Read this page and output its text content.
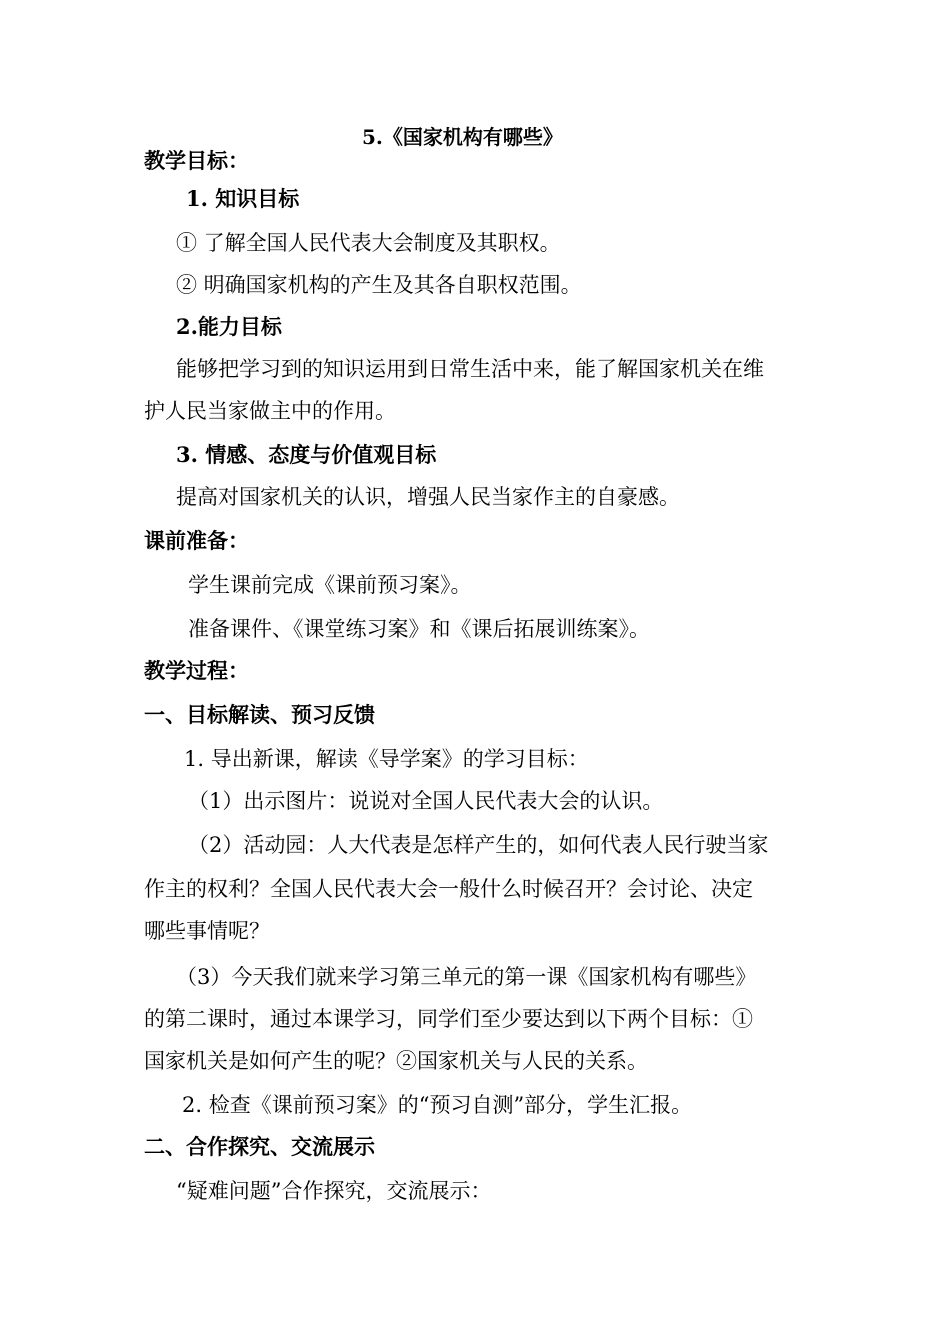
5.《国家机构有哪些》
教学目标：
1. 知识目标
① 了解全国人民代表大会制度及其职权。
② 明确国家机构的产生及其各自职权范围。
2.能力目标
能够把学习到的知识运用到日常生活中来，能了解国家机关在维
护人民当家做主中的作用。
3. 情感、态度与价值观目标
提高对国家机关的认识，增强人民当家作主的自豪感。
课前准备：
学生课前完成《课前预习案》。
准备课件、《课堂练习案》和《课后拓展训练案》。
教学过程：
一、目标解读、预习反馈
1. 导出新课，解读《导学案》的学习目标：
（1）出示图片：说说对全国人民代表大会的认识。
（2）活动园：人大代表是怎样产生的，如何代表人民行驶当家
作主的权利？全国人民代表大会一般什么时候召开？会讨论、决定
哪些事情呢？
（3）今天我们就来学习第三单元的第一课《国家机构有哪些》
的第二课时，通过本课学习，同学们至少要达到以下两个目标：①
国家机关是如何产生的呢？②国家机关与人民的关系。
2. 检查《课前预习案》的“预习自测”部分，学生汇报。
二、合作探究、交流展示
“疑难问题”合作探究，交流展示：
